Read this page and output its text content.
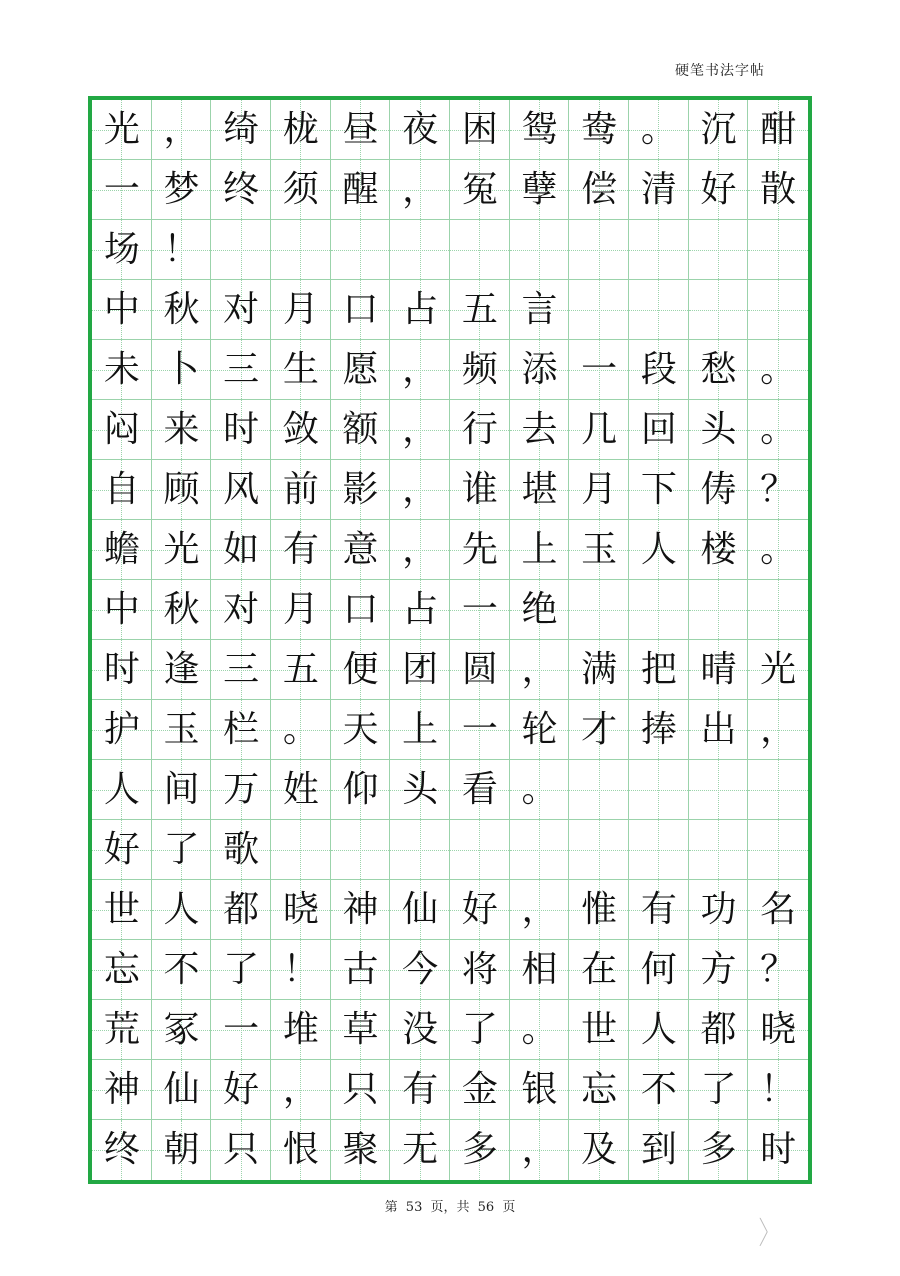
硬笔书法字帖
光 ， 绮 栊 昼 夜 困 鸳 鸯 。 沉 酣
一 梦 终 须 醒 ， 冤 孽 偿 清 好 散
场 ！
中 秋 对 月 口 占 五 言
未 卜 三 生 愿 ， 频 添 一 段 愁 。
闷 来 时 敛 额 ， 行 去 几 回 头 。
自 顾 风 前 影 ， 谁 堪 月 下 俦 ？
蟾 光 如 有 意 ， 先 上 玉 人 楼 。
中 秋 对 月 口 占 一 绝
时 逢 三 五 便 团 圆 ， 满 把 晴 光
护 玉 栏 。 天 上 一 轮 才 捧 出 ，
人 间 万 姓 仰 头 看 。
好 了 歌
世 人 都 晓 神 仙 好 ， 惟 有 功 名
忘 不 了 ！ 古 今 将 相 在 何 方 ？
荒 冢 一 堆 草 没 了 。 世 人 都 晓
神 仙 好 ， 只 有 金 银 忘 不 了 ！
终 朝 只 恨 聚 无 多 ， 及 到 多 时
第 53 页，共 56 页
╲ ╱
